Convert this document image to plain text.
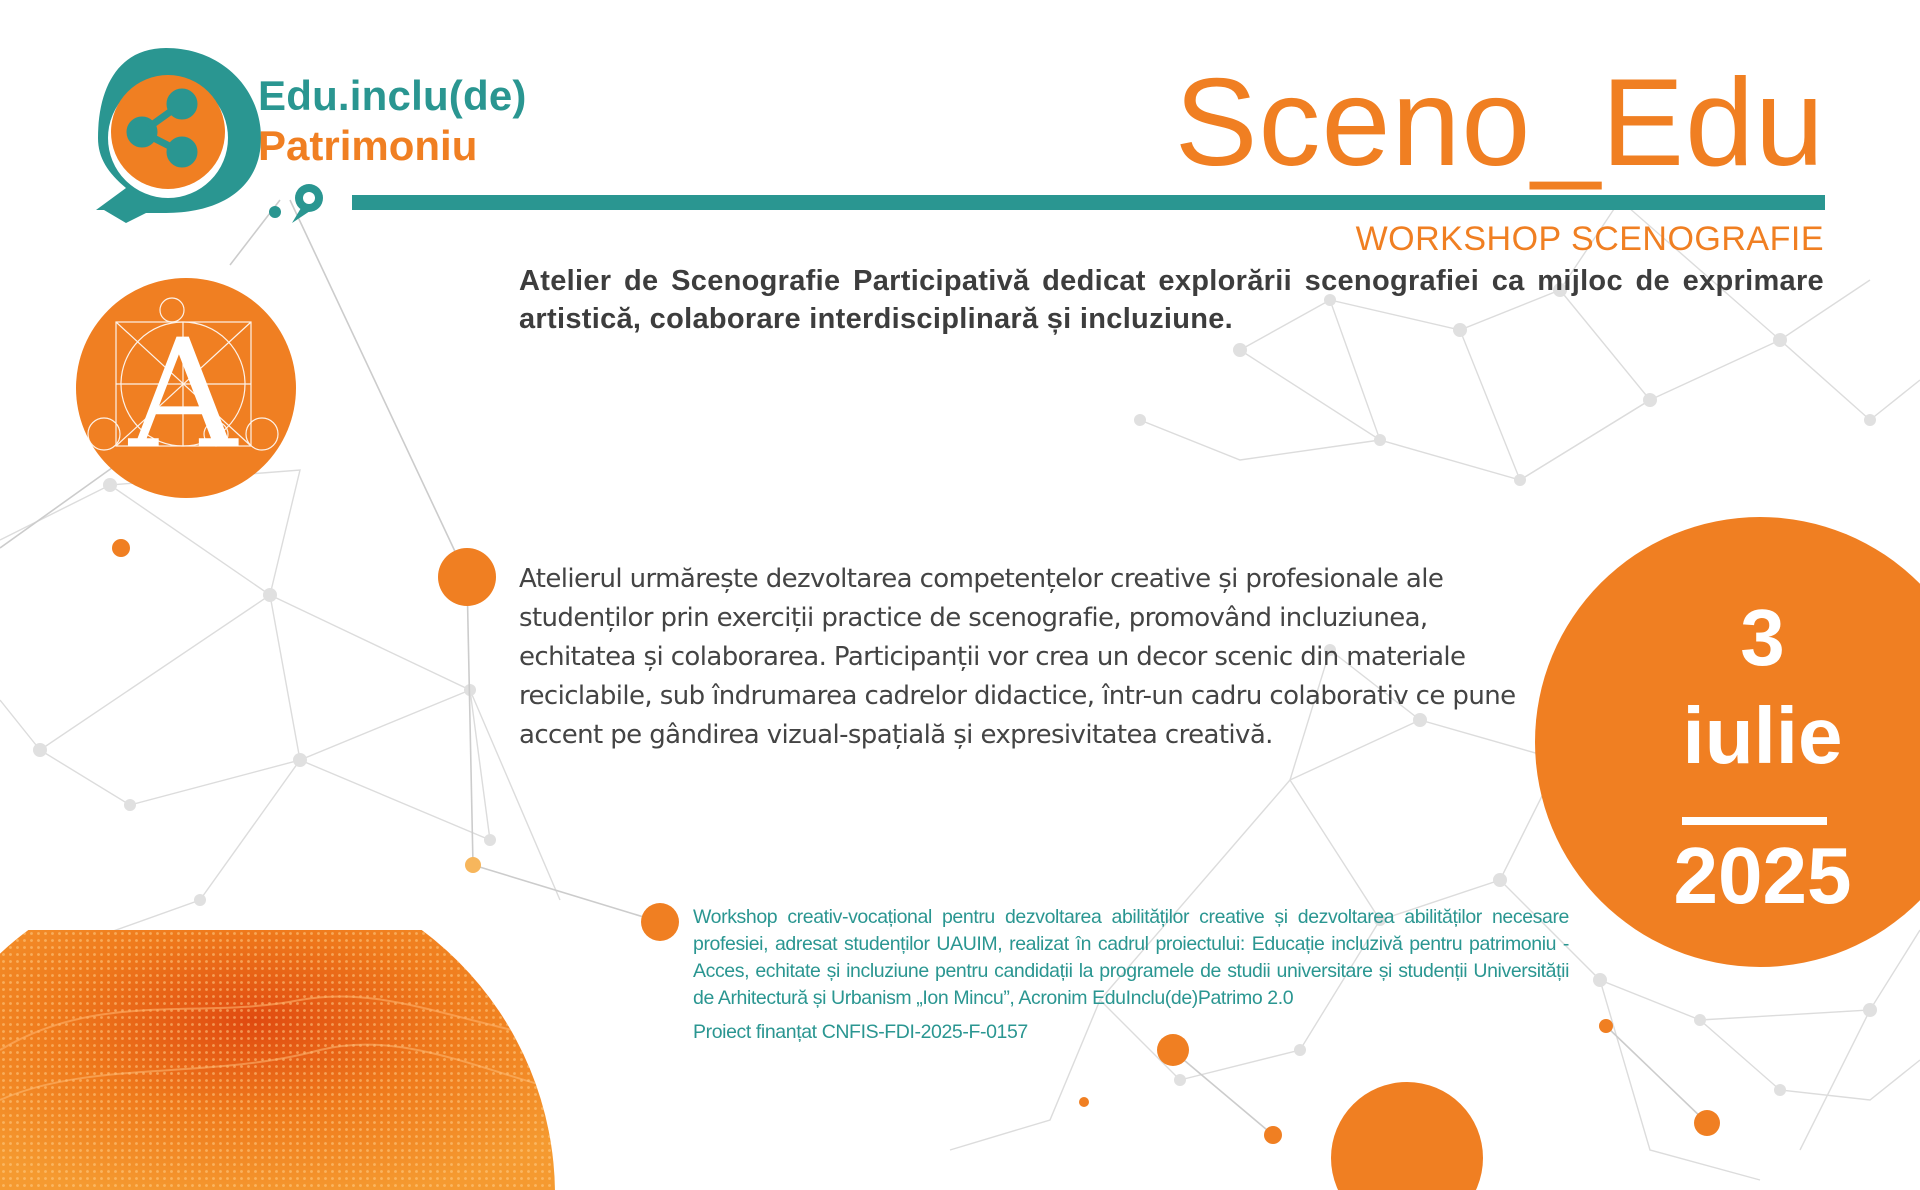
Edu.inclu(de)
Patrimoniu	Sceno_Edu
WORKSHOP SCENOGRAFIE
Atelier de Scenografie Participativă dedicat explorării scenografiei ca mijloc de exprimare artistică, colaborare interdisciplinară și incluziune.
A
Atelierul urmărește dezvoltarea competențelor creative și profesionale ale studenților prin exerciții practice de scenografie, promovând incluziunea, echitatea și colaborarea. Participanții vor crea un decor scenic din materiale reciclabile, sub îndrumarea cadrelor didactice, într-un cadru colaborativ ce pune accent pe gândirea vizual-spațială și expresivitatea creativă.
3
iulie
2025
Workshop creativ-vocațional pentru dezvoltarea abilităților creative și dezvoltarea abilităților necesare profesiei, adresat studenților UAUIM, realizat în cadrul proiectului: Educație incluzivă pentru patrimoniu - Acces, echitate și incluziune pentru candidații la programele de studii universitare și studenții Universității de Arhitectură și Urbanism „Ion Mincu”, Acronim EduInclu(de)Patrimo 2.0
Proiect finanțat CNFIS-FDI-2025-F-0157
